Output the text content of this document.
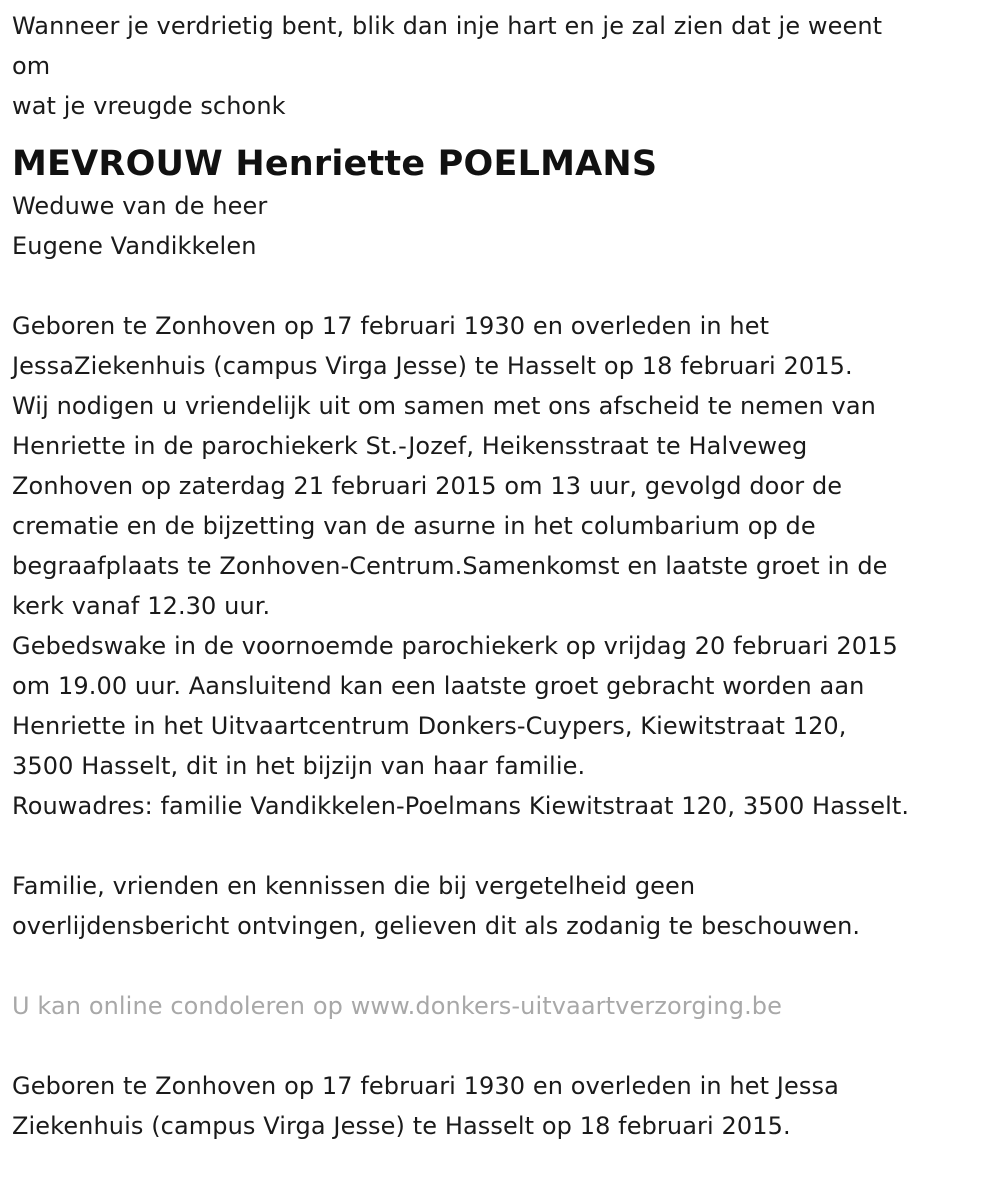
Wanneer je verdrietig bent, blik dan inje hart en je zal zien dat je weent
om
wat je vreugde schonk

MEVROUW Henriette POELMANS

Weduwe van de heer
Eugene Vandikkelen

Geboren te Zonhoven op 17 februari 1930 en overleden in het
JessaZiekenhuis (campus Virga Jesse) te Hasselt op 18 februari 2015.
Wij nodigen u vriendelijk uit om samen met ons afscheid te nemen van
Henriette in de parochiekerk St.-Jozef, Heikensstraat te Halveweg
Zonhoven op zaterdag 21 februari 2015 om 13 uur, gevolgd door de
crematie en de bijzetting van de asurne in het columbarium op de
begraafplaats te Zonhoven-Centrum.Samenkomst en laatste groet in de
kerk vanaf 12.30 uur.
Gebedswake in de voornoemde parochiekerk op vrijdag 20 februari 2015
om 19.00 uur. Aansluitend kan een laatste groet gebracht worden aan
Henriette in het Uitvaartcentrum Donkers-Cuypers, Kiewitstraat 120,
3500 Hasselt, dit in het bijzijn van haar familie.
Rouwadres: familie Vandikkelen-Poelmans Kiewitstraat 120, 3500 Hasselt.

Familie, vrienden en kennissen die bij vergetelheid geen
overlijdensbericht ontvingen, gelieven dit als zodanig te beschouwen.

U kan online condoleren op www.donkers-uitvaartverzorging.be

Geboren te Zonhoven op 17 februari 1930 en overleden in het Jessa
Ziekenhuis (campus Virga Jesse) te Hasselt op 18 februari 2015.
